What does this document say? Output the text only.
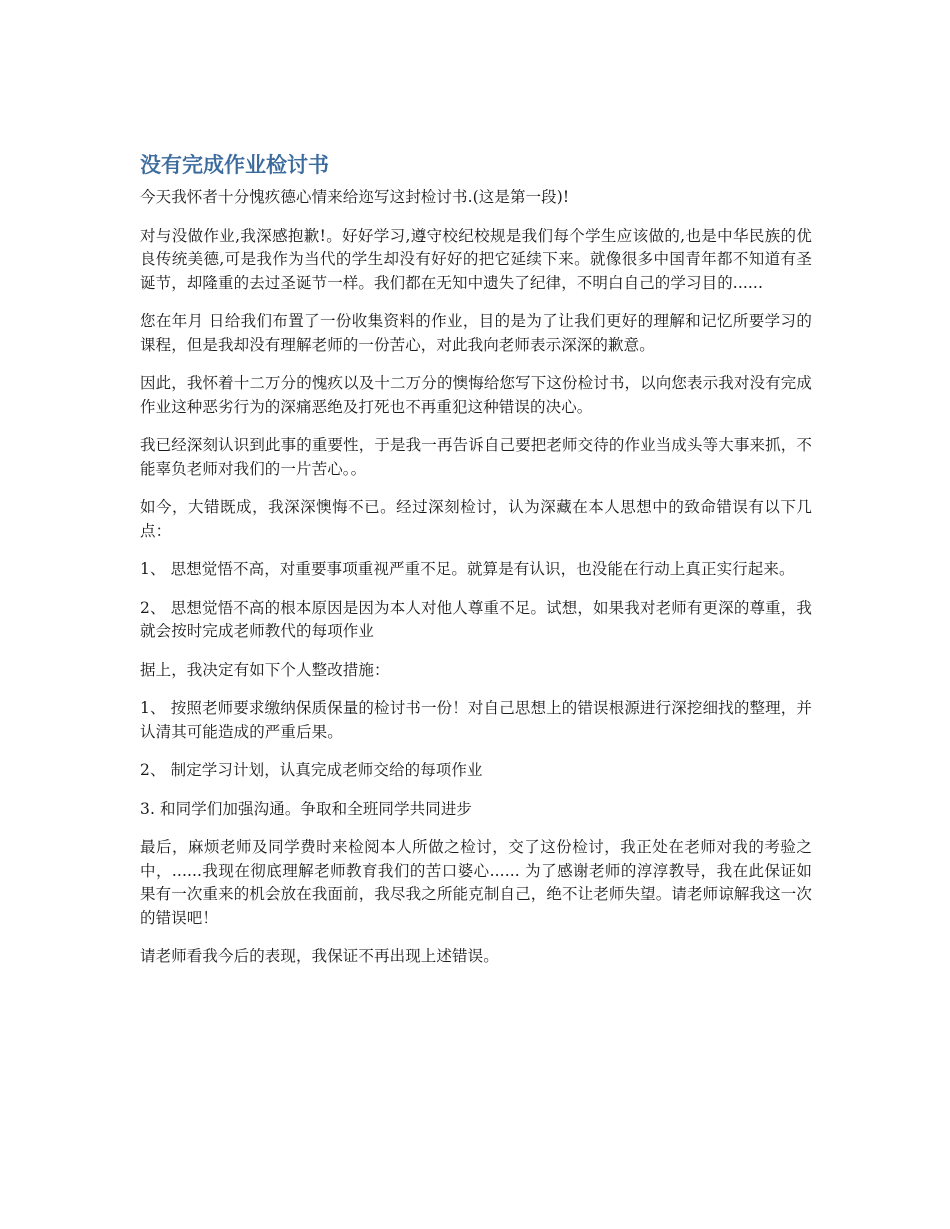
没有完成作业检讨书

今天我怀者十分愧疚德心情来给迩写这封检讨书.(这是第一段)!

对与没做作业,我深感抱歉!。好好学习,遵守校纪校规是我们每个学生应该做的,也是中华民族的优良传统美德,可是我作为当代的学生却没有好好的把它延续下来。就像很多中国青年都不知道有圣诞节，却隆重的去过圣诞节一样。我们都在无知中遗失了纪律，不明白自己的学习目的......

您在年月 日给我们布置了一份收集资料的作业，目的是为了让我们更好的理解和记忆所要学习的课程，但是我却没有理解老师的一份苦心，对此我向老师表示深深的歉意。

因此，我怀着十二万分的愧疚以及十二万分的懊悔给您写下这份检讨书，以向您表示我对没有完成作业这种恶劣行为的深痛恶绝及打死也不再重犯这种错误的决心。

我已经深刻认识到此事的重要性，于是我一再告诉自己要把老师交待的作业当成头等大事来抓，不能辜负老师对我们的一片苦心。。

如今，大错既成，我深深懊悔不已。经过深刻检讨，认为深藏在本人思想中的致命错误有以下几点：

1、 思想觉悟不高，对重要事项重视严重不足。就算是有认识，也没能在行动上真正实行起来。

2、 思想觉悟不高的根本原因是因为本人对他人尊重不足。试想，如果我对老师有更深的尊重，我就会按时完成老师教代的每项作业

据上，我决定有如下个人整改措施：

1、 按照老师要求缴纳保质保量的检讨书一份！对自己思想上的错误根源进行深挖细找的整理，并认清其可能造成的严重后果。

2、 制定学习计划，认真完成老师交给的每项作业

3. 和同学们加强沟通。争取和全班同学共同进步

最后，麻烦老师及同学费时来检阅本人所做之检讨，交了这份检讨，我正处在老师对我的考验之中，......我现在彻底理解老师教育我们的苦口婆心...... 为了感谢老师的淳淳教导，我在此保证如果有一次重来的机会放在我面前，我尽我之所能克制自己，绝不让老师失望。请老师谅解我这一次的错误吧！

请老师看我今后的表现，我保证不再出现上述错误。
